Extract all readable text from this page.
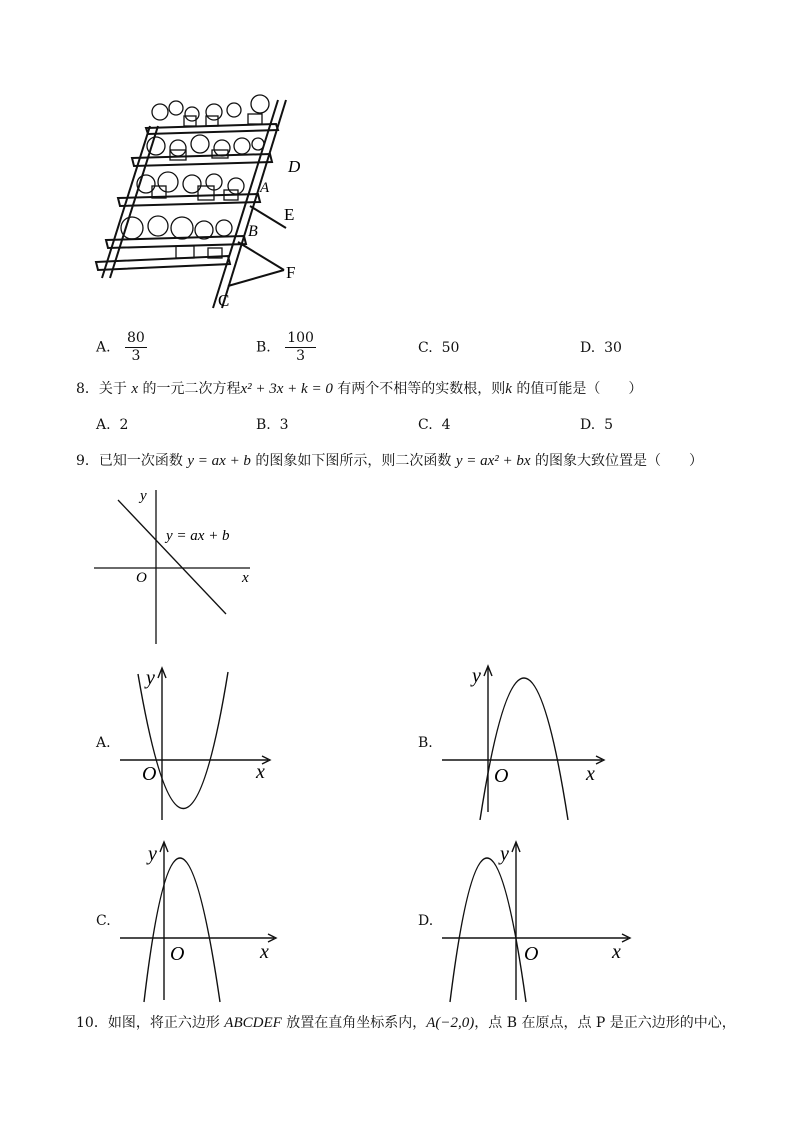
D
A
E
B
F
C
A. $\frac{80}{3}$	B. $\frac{100}{3}$	C. 50	D. 30
8．关于 x 的一元二次方程x² + 3x + k = 0 有两个不相等的实数根，则k 的值可能是（　　）
A. 2	B. 3	C. 4	D. 5
9．已知一次函数 y = ax + b 的图象如下图所示，则二次函数 y = ax² + bx 的图象大致位置是（　　）
y
x
O
y = ax + b
A.
y
x
O
B.
y
x
O
C.
y
x
O
D.
y
x
O
10．如图，将正六边形 ABCDEF 放置在直角坐标系内，A(−2,0)，点 B 在原点，点 P 是正六边形的中心，
